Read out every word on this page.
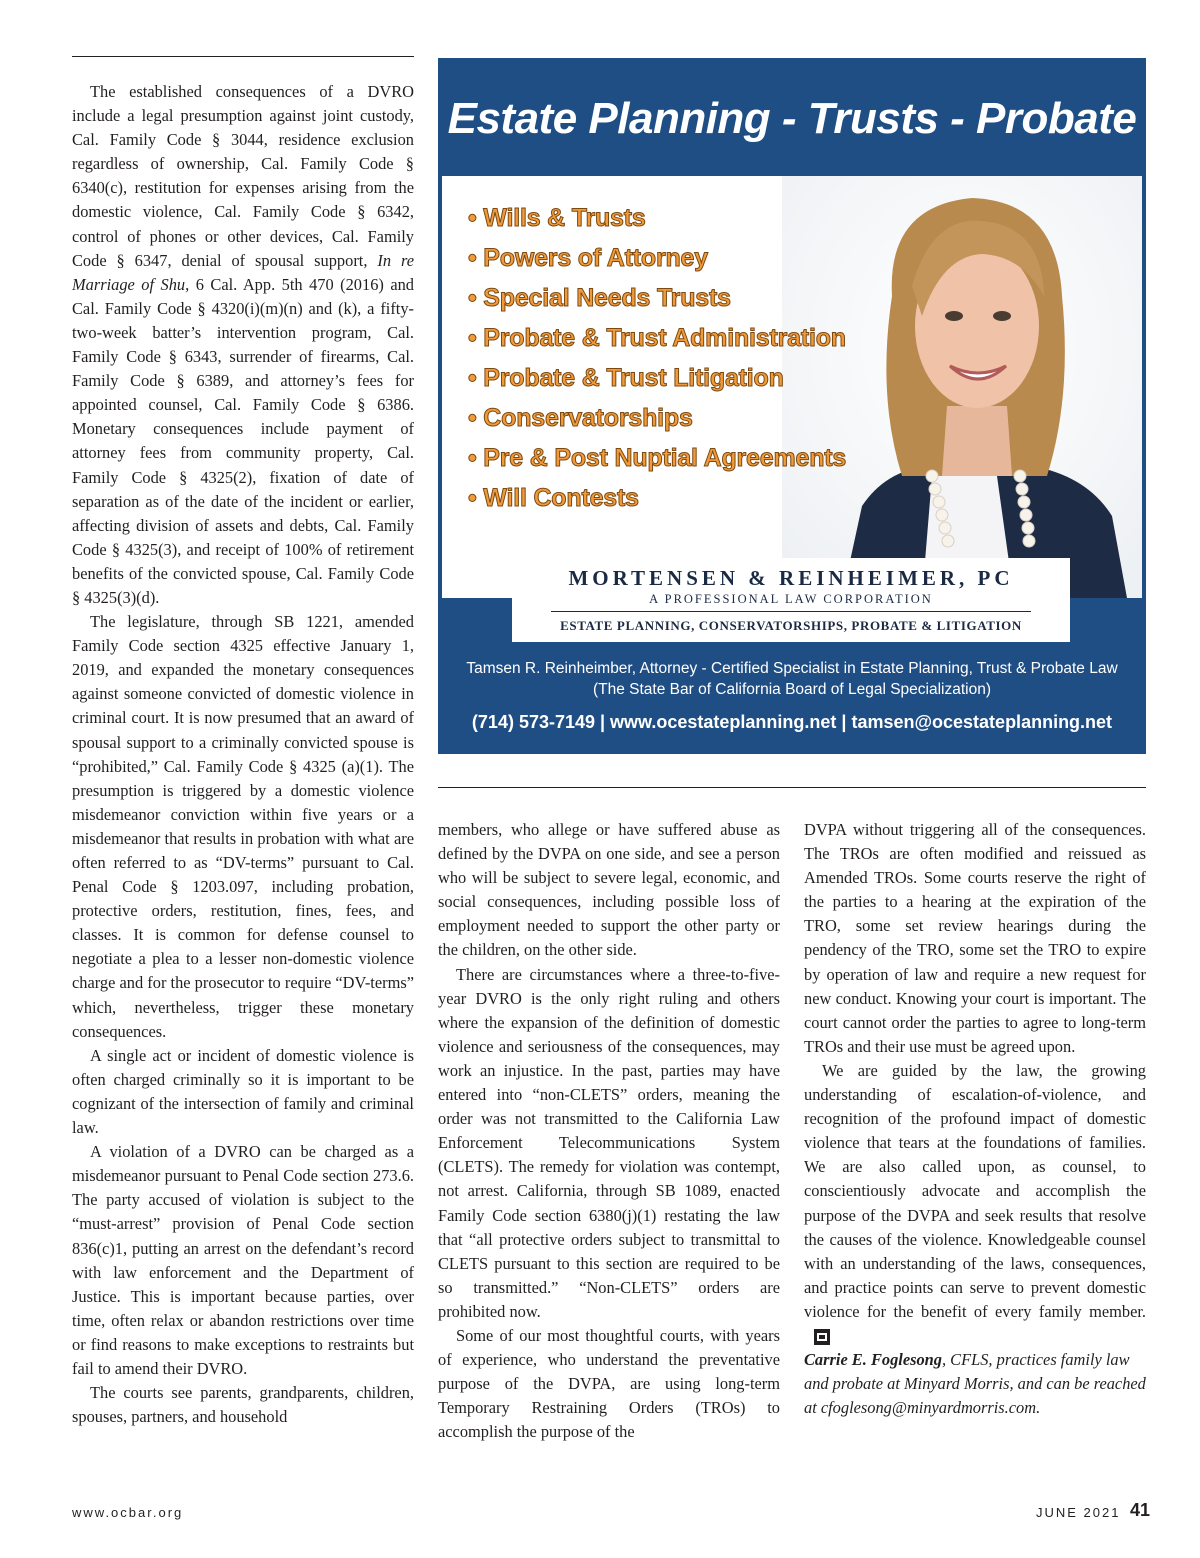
The established consequences of a DVRO include a legal presumption against joint custody, Cal. Family Code § 3044, residence exclusion regardless of ownership, Cal. Family Code § 6340(c), restitution for expenses arising from the domestic violence, Cal. Family Code § 6342, control of phones or other devices, Cal. Family Code § 6347, denial of spousal support, In re Marriage of Shu, 6 Cal. App. 5th 470 (2016) and Cal. Family Code § 4320(i)(m)(n) and (k), a fifty-two-week batter’s intervention program, Cal. Family Code § 6343, surrender of firearms, Cal. Family Code § 6389, and attorney’s fees for appointed counsel, Cal. Family Code § 6386. Monetary consequences include payment of attorney fees from community property, Cal. Family Code § 4325(2), fixation of date of separation as of the date of the incident or earlier, affecting division of assets and debts, Cal. Family Code § 4325(3), and receipt of 100% of retirement benefits of the convicted spouse, Cal. Family Code § 4325(3)(d).

The legislature, through SB 1221, amended Family Code section 4325 effective January 1, 2019, and expanded the monetary consequences against someone convicted of domestic violence in criminal court. It is now presumed that an award of spousal support to a criminally convicted spouse is “prohibited,” Cal. Family Code § 4325 (a)(1). The presumption is triggered by a domestic violence misdemeanor conviction within five years or a misdemeanor that results in probation with what are often referred to as “DV-terms” pursuant to Cal. Penal Code § 1203.097, including probation, protective orders, restitution, fines, fees, and classes. It is common for defense counsel to negotiate a plea to a lesser non-domestic violence charge and for the prosecutor to require “DV-terms” which, nevertheless, trigger these monetary consequences.

A single act or incident of domestic violence is often charged criminally so it is important to be cognizant of the intersection of family and criminal law.

A violation of a DVRO can be charged as a misdemeanor pursuant to Penal Code section 273.6. The party accused of violation is subject to the “must-arrest” provision of Penal Code section 836(c)1, putting an arrest on the defendant’s record with law enforcement and the Department of Justice. This is important because parties, over time, often relax or abandon restrictions over time or find reasons to make exceptions to restraints but fail to amend their DVRO.

The courts see parents, grandparents, children, spouses, partners, and household

Estate Planning - Trusts - Probate
• Wills & Trusts
• Powers of Attorney
• Special Needs Trusts
• Probate & Trust Administration
• Probate & Trust Litigation
• Conservatorships
• Pre & Post Nuptial Agreements
• Will Contests
MORTENSEN & REINHEIMER, PC
A PROFESSIONAL LAW CORPORATION
ESTATE PLANNING, CONSERVATORSHIPS, PROBATE & LITIGATION
Tamsen R. Reinheimber, Attorney - Certified Specialist in Estate Planning, Trust & Probate Law
(The State Bar of California Board of Legal Specialization)
(714) 573-7149 | www.ocestateplanning.net | tamsen@ocestateplanning.net

members, who allege or have suffered abuse as defined by the DVPA on one side, and see a person who will be subject to severe legal, economic, and social consequences, including possible loss of employment needed to support the other party or the children, on the other side.

There are circumstances where a three-to-five-year DVRO is the only right ruling and others where the expansion of the definition of domestic violence and seriousness of the consequences, may work an injustice. In the past, parties may have entered into “non-CLETS” orders, meaning the order was not transmitted to the California Law Enforcement Telecommunications System (CLETS). The remedy for violation was contempt, not arrest. California, through SB 1089, enacted Family Code section 6380(j)(1) restating the law that “all protective orders subject to transmittal to CLETS pursuant to this section are required to be so transmitted.” “Non-CLETS” orders are prohibited now.

Some of our most thoughtful courts, with years of experience, who understand the preventative purpose of the DVPA, are using long-term Temporary Restraining Orders (TROs) to accomplish the purpose of the

DVPA without triggering all of the consequences. The TROs are often modified and reissued as Amended TROs. Some courts reserve the right of the parties to a hearing at the expiration of the TRO, some set review hearings during the pendency of the TRO, some set the TRO to expire by operation of law and require a new request for new conduct. Knowing your court is important. The court cannot order the parties to agree to long-term TROs and their use must be agreed upon.

We are guided by the law, the growing understanding of escalation-of-violence, and recognition of the profound impact of domestic violence that tears at the foundations of families. We are also called upon, as counsel, to conscientiously advocate and accomplish the purpose of the DVPA and seek results that resolve the causes of the violence. Knowledgeable counsel with an understanding of the laws, consequences, and practice points can serve to prevent domestic violence for the benefit of every family member.

Carrie E. Foglesong, CFLS, practices family law and probate at Minyard Morris, and can be reached at cfoglesong@minyardmorris.com.

www.ocbar.org	JUNE 2021 41
